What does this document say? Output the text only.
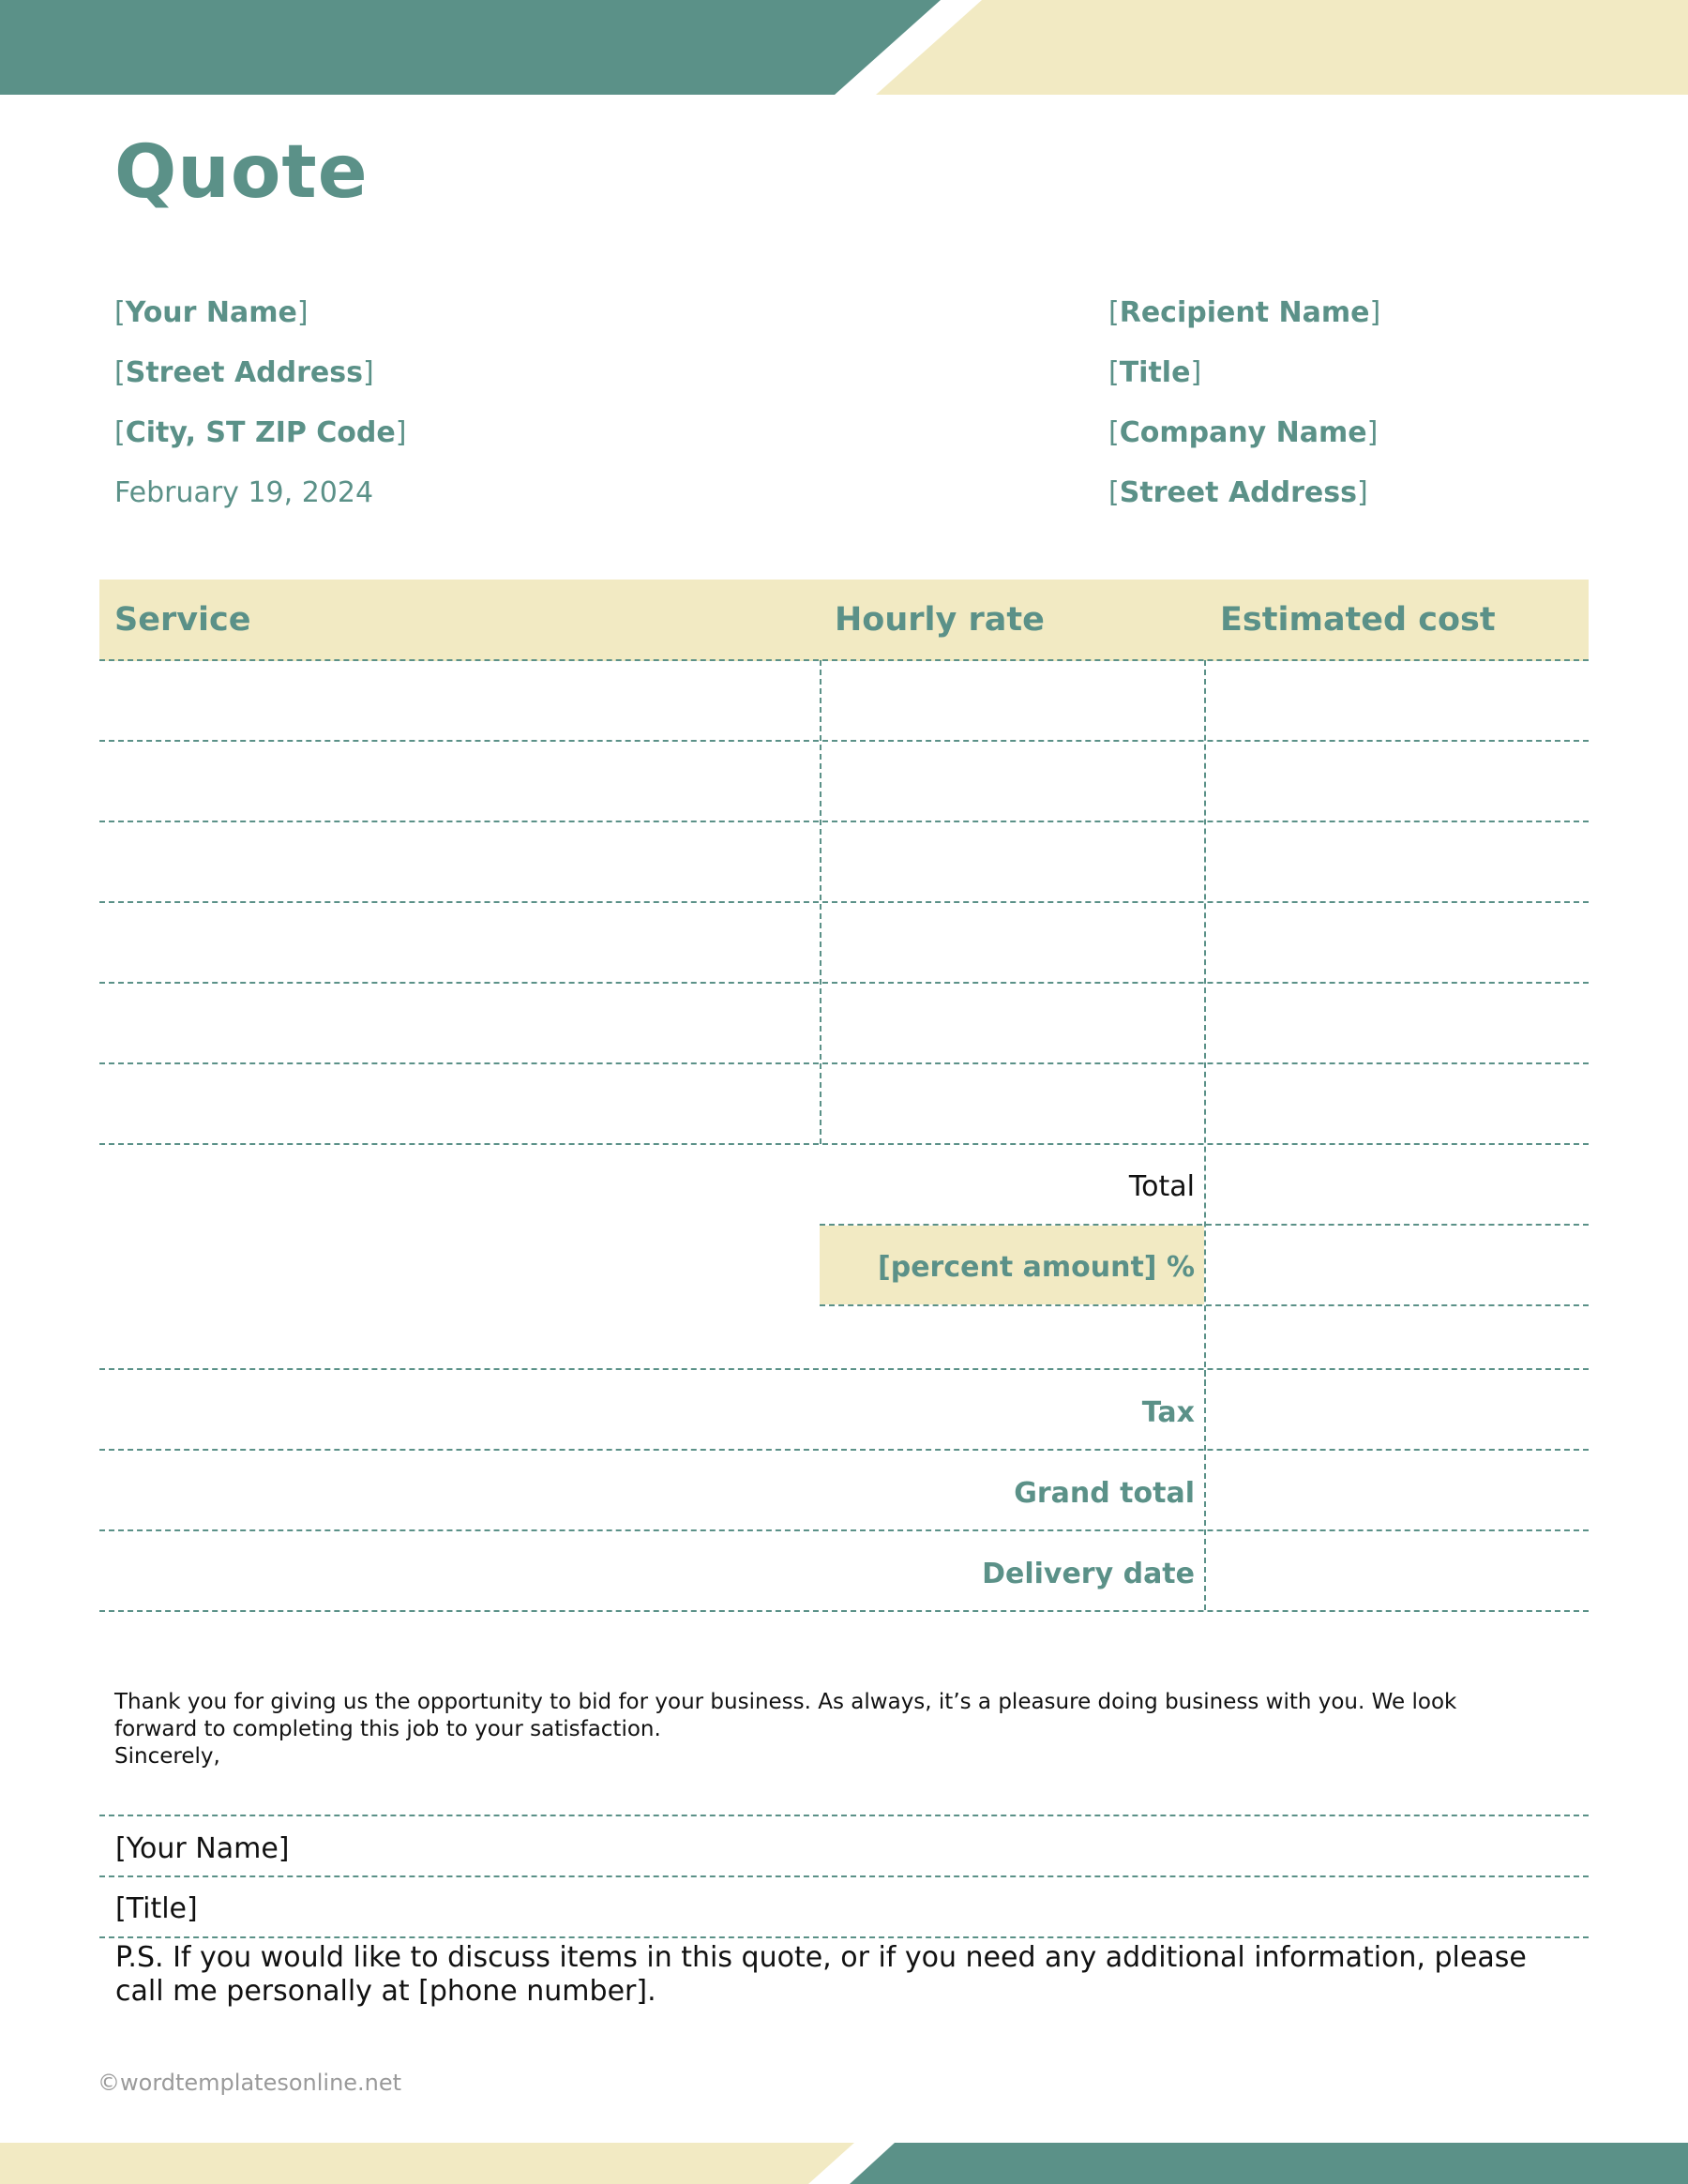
Quote
[Your Name]
[Street Address]
[City, ST ZIP Code]
February 19, 2024
[Recipient Name]
[Title]
[Company Name]
[Street Address]
Service	Hourly rate	Estimated cost
Total
[percent amount] %
Tax
Grand total
Delivery date
Thank you for giving us the opportunity to bid for your business. As always, it’s a pleasure doing business with you. We look forward to completing this job to your satisfaction.
Sincerely,
[Your Name]
[Title]
P.S. If you would like to discuss items in this quote, or if you need any additional information, please call me personally at [phone number].
©wordtemplatesonline.net
